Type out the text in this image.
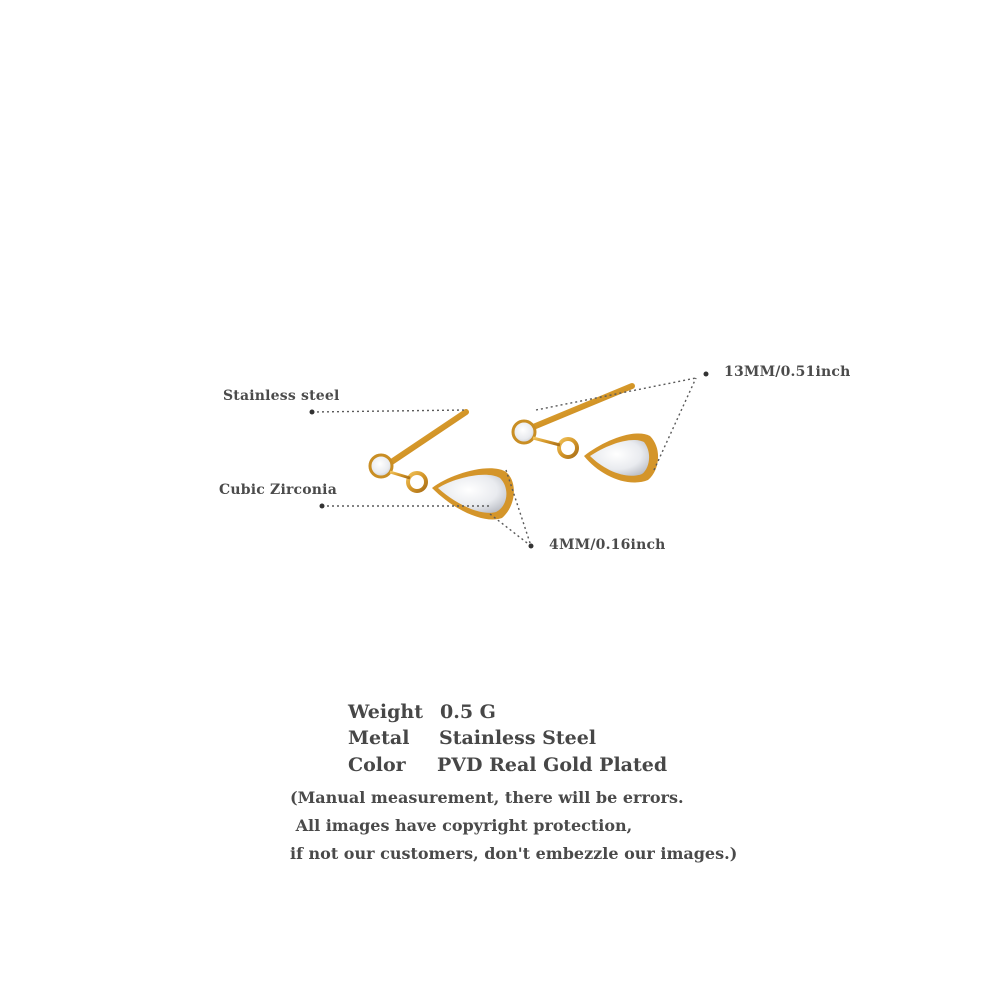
Stainless steel
Cubic Zirconia
13MM/0.51inch
4MM/0.16inch
Weight 0.5 G
Metal Stainless Steel
Color PVD Real Gold Plated
(Manual measurement, there will be errors.
All images have copyright protection,
if not our customers, don't embezzle our images.)
